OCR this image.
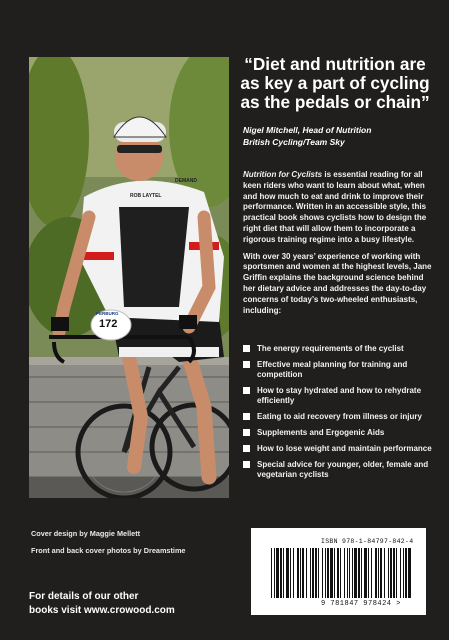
172
PERBURG
ROB LAYTEL
DEMAND
“Diet and nutrition are as key a part of cycling as the pedals or chain”
Nigel Mitchell, Head of Nutrition
British Cycling/Team Sky

Nutrition for Cyclists is essential reading for all keen riders who want to learn about what, when and how much to eat and drink to improve their performance. Written in an accessible style, this practical book shows cyclists how to design the right diet that will allow them to incorporate a rigorous training regime into a busy lifestyle.

With over 30 years’ experience of working with sportsmen and women at the highest levels, Jane Griffin explains the background science behind her dietary advice and addresses the day-to-day concerns of today’s two-wheeled enthusiasts, including:

The energy requirements of the cyclist
Effective meal planning for training and competition
How to stay hydrated and how to rehydrate efficiently
Eating to aid recovery from illness or injury
Supplements and Ergogenic Aids
How to lose weight and maintain performance
Special advice for younger, older, female and vegetarian cyclists
Cover design by Maggie Mellett
Front and back cover photos by Dreamstime
For details of our other
books visit www.crowood.com
ISBN 978-1-84797-842-4
9 781847 978424 >
